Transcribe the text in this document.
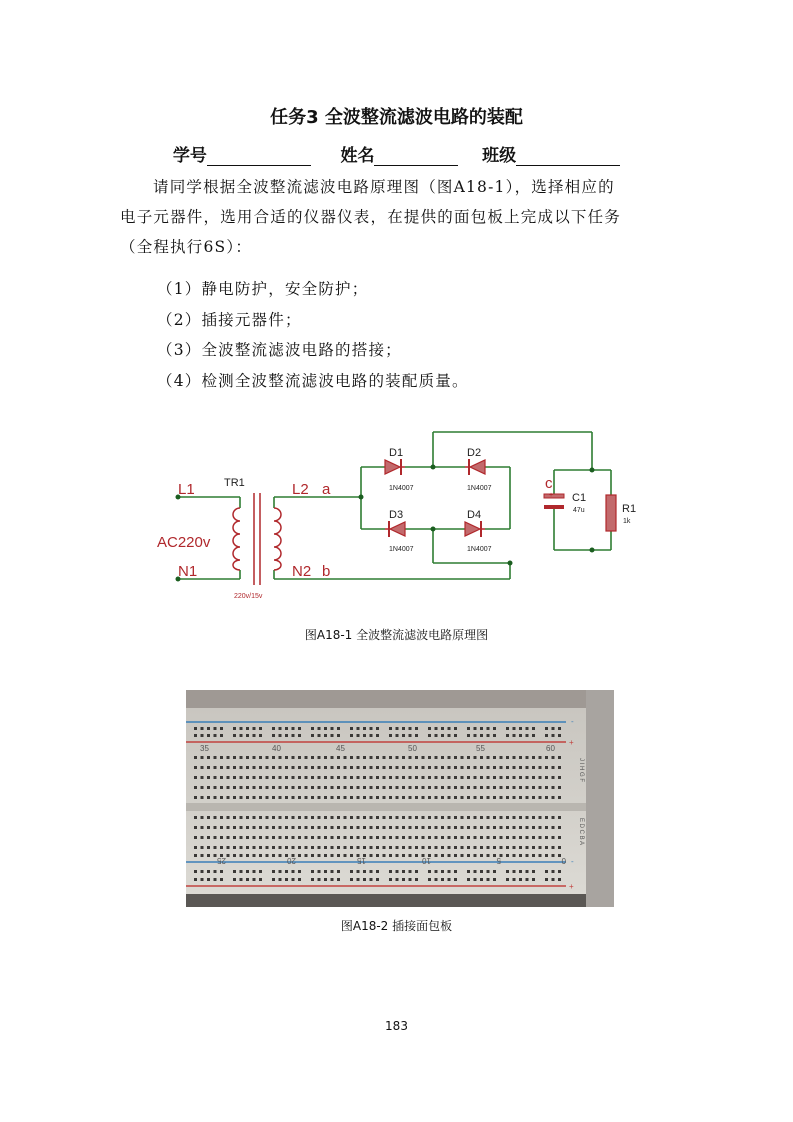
任务3 全波整流滤波电路的装配
学号	姓名	班级
请同学根据全波整流滤波电路原理图（图A18-1），选择相应的
电子元器件，选用合适的仪器仪表，在提供的面包板上完成以下任务
（全程执行6S）：
（1）静电防护，安全防护；
（2）插接元器件；
（3）全波整流滤波电路的搭接；
（4）检测全波整流滤波电路的装配质量。
+
L1
N1
AC220v
TR1
220v/15v
L2 a
N2 b
c
D1
1N4007
D2
1N4007
D3
1N4007
D4
1N4007
C1
47u	R1
1k
图A18-1 全波整流滤波电路原理图
35	40	45	50	55	60
0
5
10
15
20
25
-
+
-
+
J I H G F
E D C B A
图A18-2 插接面包板
183
